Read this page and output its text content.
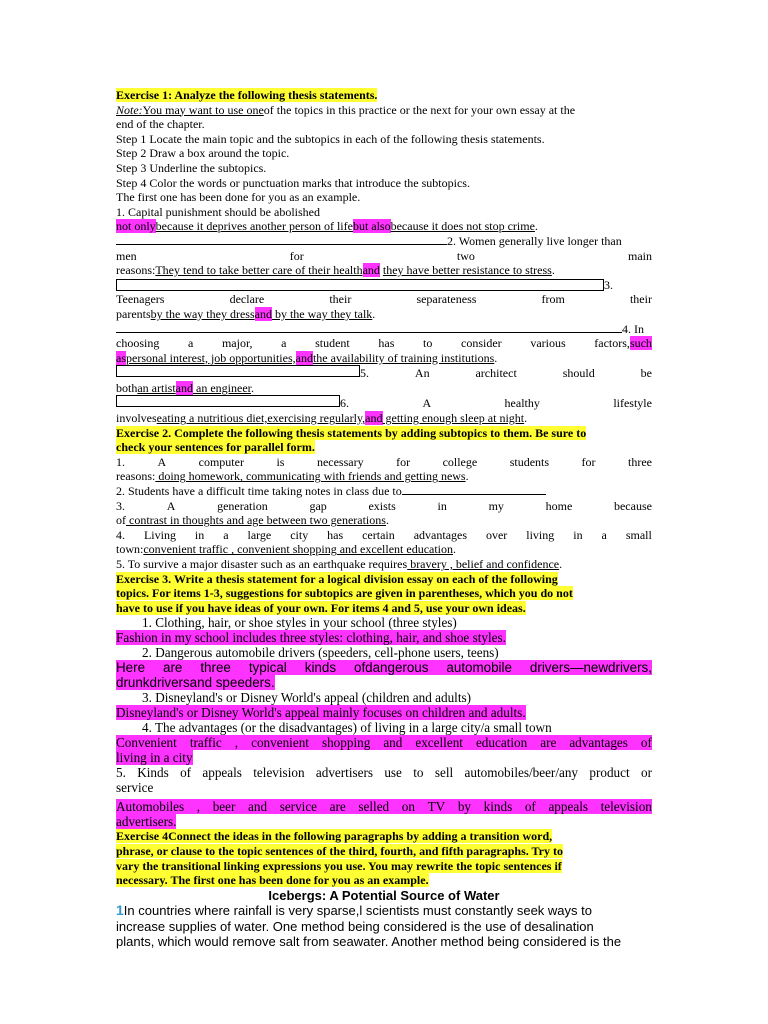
Exercise 1: Analyze the following thesis statements.
Note:You may want to use oneof the topics in this practice or the next for your own essay at the
end of the chapter.
Step 1 Locate the main topic and the subtopics in each of the following thesis statements.
Step 2 Draw a box around the topic.
Step 3 Underline the subtopics.
Step 4 Color the words or punctuation marks that introduce the subtopics.
The first one has been done for you as an example.
1. Capital punishment should be abolished
not onlybecause it deprives another person of lifebut alsobecause it does not stop crime.
2. Women generally live longer than
men	for	two	main
reasons:They tend to take better care of their healthand they have better resistance to stress.
3.
Teenagers	declare	their	separateness	from	their
parentsby the way they dressand by the way they talk.
4. In
choosing a major, a student has to consider various factors,such
aspersonal interest, job opportunities,andthe availability of training institutions.
5.	An	architect	should	be
bothan artistand an engineer.
6.	A	healthy	lifestyle
involveseating a nutritious diet,exercising regularly,and getting enough sleep at night.
Exercise 2. Complete the following thesis statements by adding subtopics to them. Be sure to
check your sentences for parallel form.
1.	A	computer	is	necessary	for	college	students	for	three
reasons: doing homework, communicating with friends and getting news.
2. Students have a difficult time taking notes in class due to
3.	A	generation	gap	exists	in	my	home	because
of contrast in thoughts and age between two generations.
4. Living in a large city has certain advantages over living in a small
town:convenient traffic , convenient shopping and excellent education.
5. To survive a major disaster such as an earthquake requires bravery , belief and confidence.
Exercise 3. Write a thesis statement for a logical division essay on each of the following
topics. For items 1-3, suggestions for subtopics are given in parentheses, which you do not
have to use if you have ideas of your own. For items 4 and 5, use your own ideas.
1. Clothing, hair, or shoe styles in your school (three styles)
Fashion in my school includes three styles: clothing, hair, and shoe styles.
2. Dangerous automobile drivers (speeders, cell-phone users, teens)
Here are three typical kinds ofdangerous automobile drivers—newdrivers,
drunkdriversand speeders.
3. Disneyland's or Disney World's appeal (children and adults)
Disneyland's or Disney World's appeal mainly focuses on children and adults.
4. The advantages (or the disadvantages) of living in a large city/a small town
Convenient traffic , convenient shopping and excellent education are advantages of
living in a city
5. Kinds of appeals television advertisers use to sell automobiles/beer/any product or
service
Automobiles , beer and service are selled on TV by kinds of appeals television
advertisers.
Exercise 4Connect the ideas in the following paragraphs by adding a transition word,
phrase, or clause to the topic sentences of the third, fourth, and fifth paragraphs. Try to
vary the transitional linking expressions you use. You may rewrite the topic sentences if
necessary. The first one has been done for you as an example.
Icebergs: A Potential Source of Water
1In countries where rainfall is very sparse,l scientists must constantly seek ways to
increase supplies of water. One method being considered is the use of desalination
plants, which would remove salt from seawater. Another method being considered is the
